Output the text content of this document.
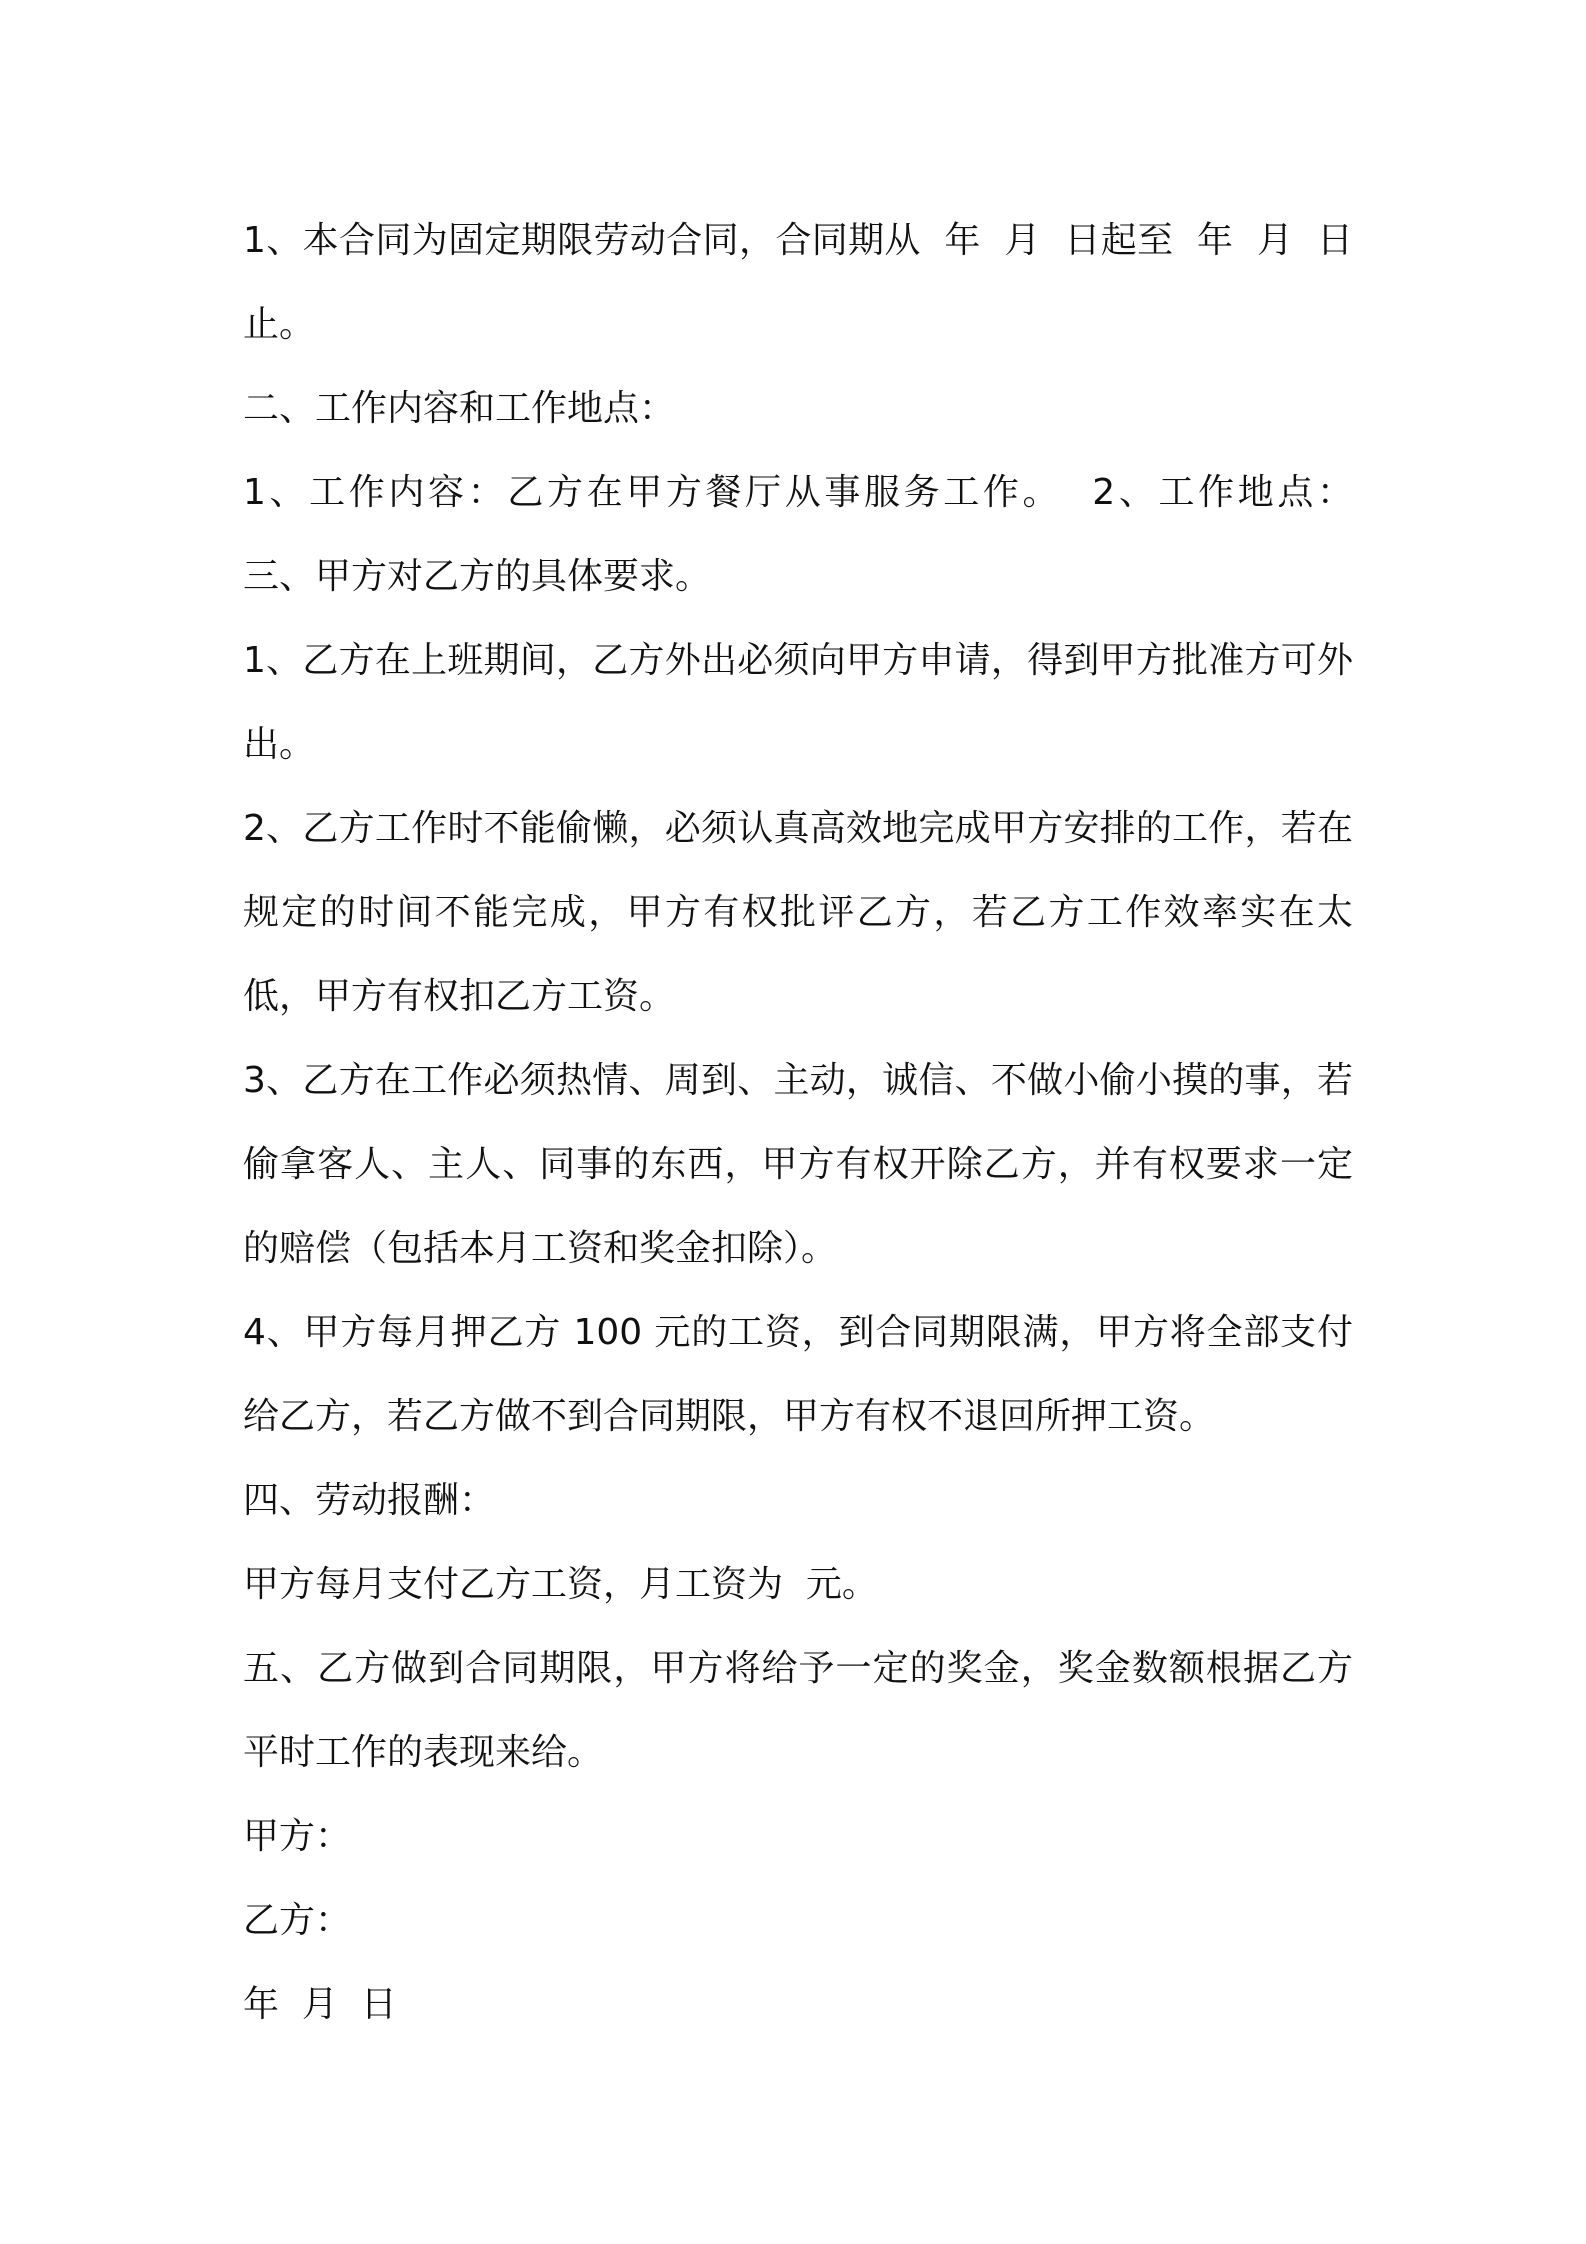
1、本合同为固定期限劳动合同，合同期从  年  月  日起至  年  月  日止。

二、工作内容和工作地点：

1、工作内容：乙方在甲方餐厅从事服务工作。  2、工作地点：   三、甲方对乙方的具体要求。

1、乙方在上班期间，乙方外出必须向甲方申请，得到甲方批准方可外出。

2、乙方工作时不能偷懒，必须认真高效地完成甲方安排的工作，若在规定的时间不能完成，甲方有权批评乙方，若乙方工作效率实在太低，甲方有权扣乙方工资。

3、乙方在工作必须热情、周到、主动，诚信、不做小偷小摸的事，若偷拿客人、主人、同事的东西，甲方有权开除乙方，并有权要求一定的赔偿（包括本月工资和奖金扣除）。

4、甲方每月押乙方 100 元的工资，到合同期限满，甲方将全部支付给乙方，若乙方做不到合同期限，甲方有权不退回所押工资。

四、劳动报酬：

甲方每月支付乙方工资，月工资为  元。

五、乙方做到合同期限，甲方将给予一定的奖金，奖金数额根据乙方平时工作的表现来给。

甲方：

乙方：

年  月  日
